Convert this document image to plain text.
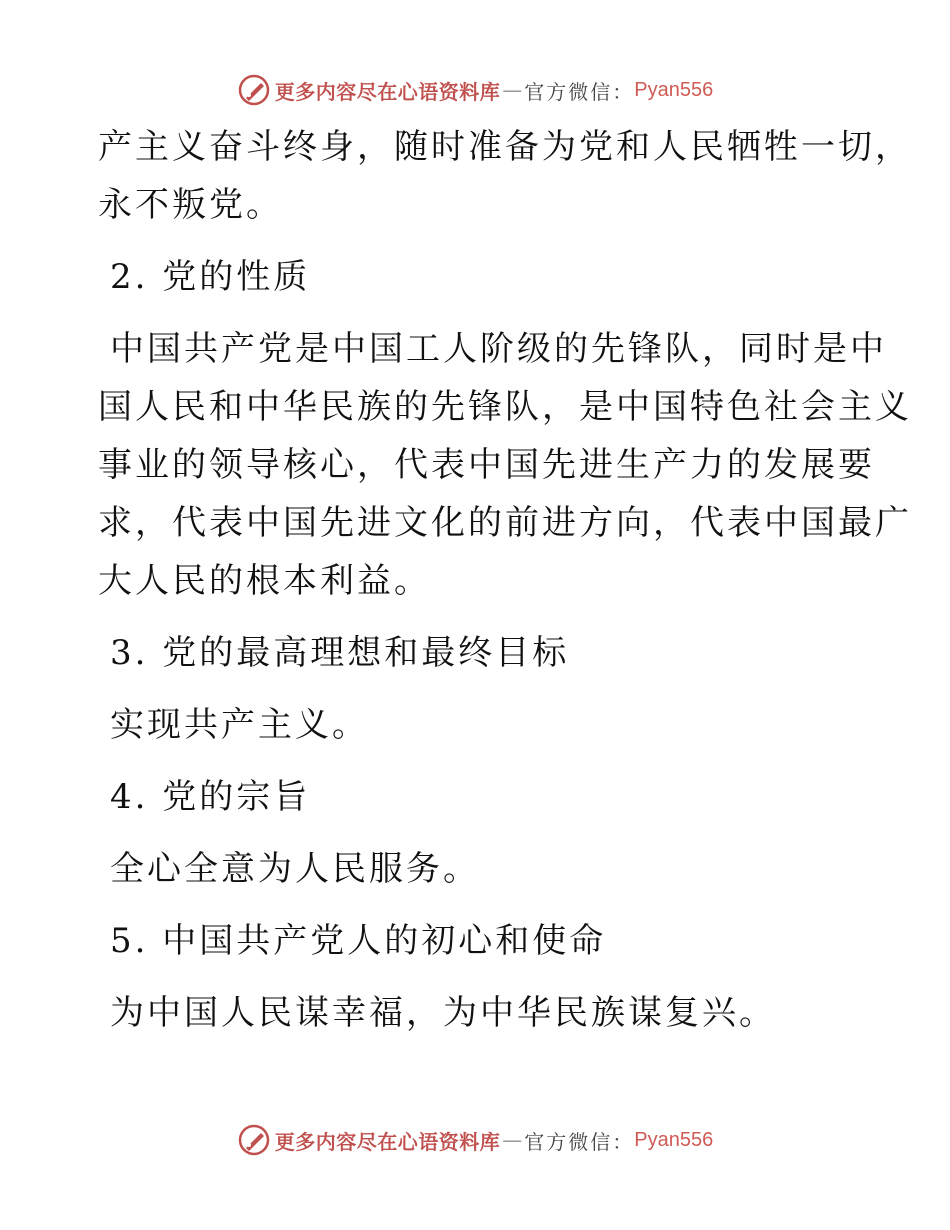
更多内容尽在心语资料库 — 官方微信： Pyan556
产主义奋斗终身，随时准备为党和人民牺牲一切，
永不叛党。
2. 党的性质
中国共产党是中国工人阶级的先锋队，同时是中
国人民和中华民族的先锋队，是中国特色社会主义
事业的领导核心，代表中国先进生产力的发展要
求，代表中国先进文化的前进方向，代表中国最广
大人民的根本利益。
3. 党的最高理想和最终目标
实现共产主义。
4. 党的宗旨
全心全意为人民服务。
5. 中国共产党人的初心和使命
为中国人民谋幸福，为中华民族谋复兴。
更多内容尽在心语资料库 — 官方微信： Pyan556
